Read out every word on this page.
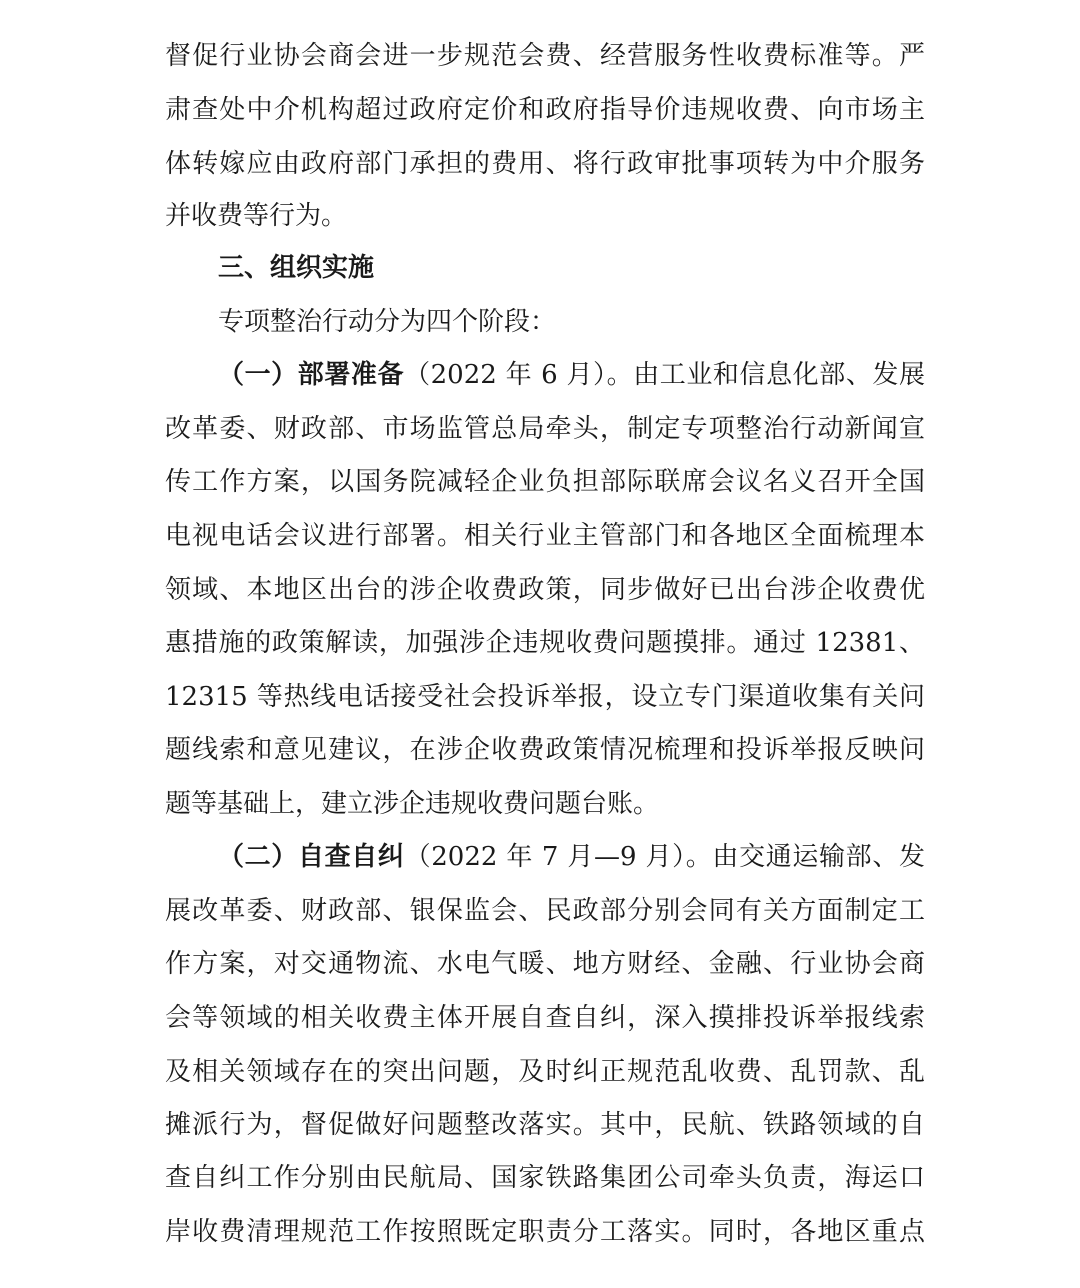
督促行业协会商会进一步规范会费、经营服务性收费标准等。严
肃查处中介机构超过政府定价和政府指导价违规收费、向市场主
体转嫁应由政府部门承担的费用、将行政审批事项转为中介服务
并收费等行为。
三、组织实施
专项整治行动分为四个阶段：
（一）部署准备（2022 年 6 月）。由工业和信息化部、发展
改革委、财政部、市场监管总局牵头，制定专项整治行动新闻宣
传工作方案，以国务院减轻企业负担部际联席会议名义召开全国
电视电话会议进行部署。相关行业主管部门和各地区全面梳理本
领域、本地区出台的涉企收费政策，同步做好已出台涉企收费优
惠措施的政策解读，加强涉企违规收费问题摸排。通过 12381、
12315 等热线电话接受社会投诉举报，设立专门渠道收集有关问
题线索和意见建议，在涉企收费政策情况梳理和投诉举报反映问
题等基础上，建立涉企违规收费问题台账。
（二）自查自纠（2022 年 7 月—9 月）。由交通运输部、发
展改革委、财政部、银保监会、民政部分别会同有关方面制定工
作方案，对交通物流、水电气暖、地方财经、金融、行业协会商
会等领域的相关收费主体开展自查自纠，深入摸排投诉举报线索
及相关领域存在的突出问题，及时纠正规范乱收费、乱罚款、乱
摊派行为，督促做好问题整改落实。其中，民航、铁路领域的自
查自纠工作分别由民航局、国家铁路集团公司牵头负责，海运口
岸收费清理规范工作按照既定职责分工落实。同时，各地区重点
